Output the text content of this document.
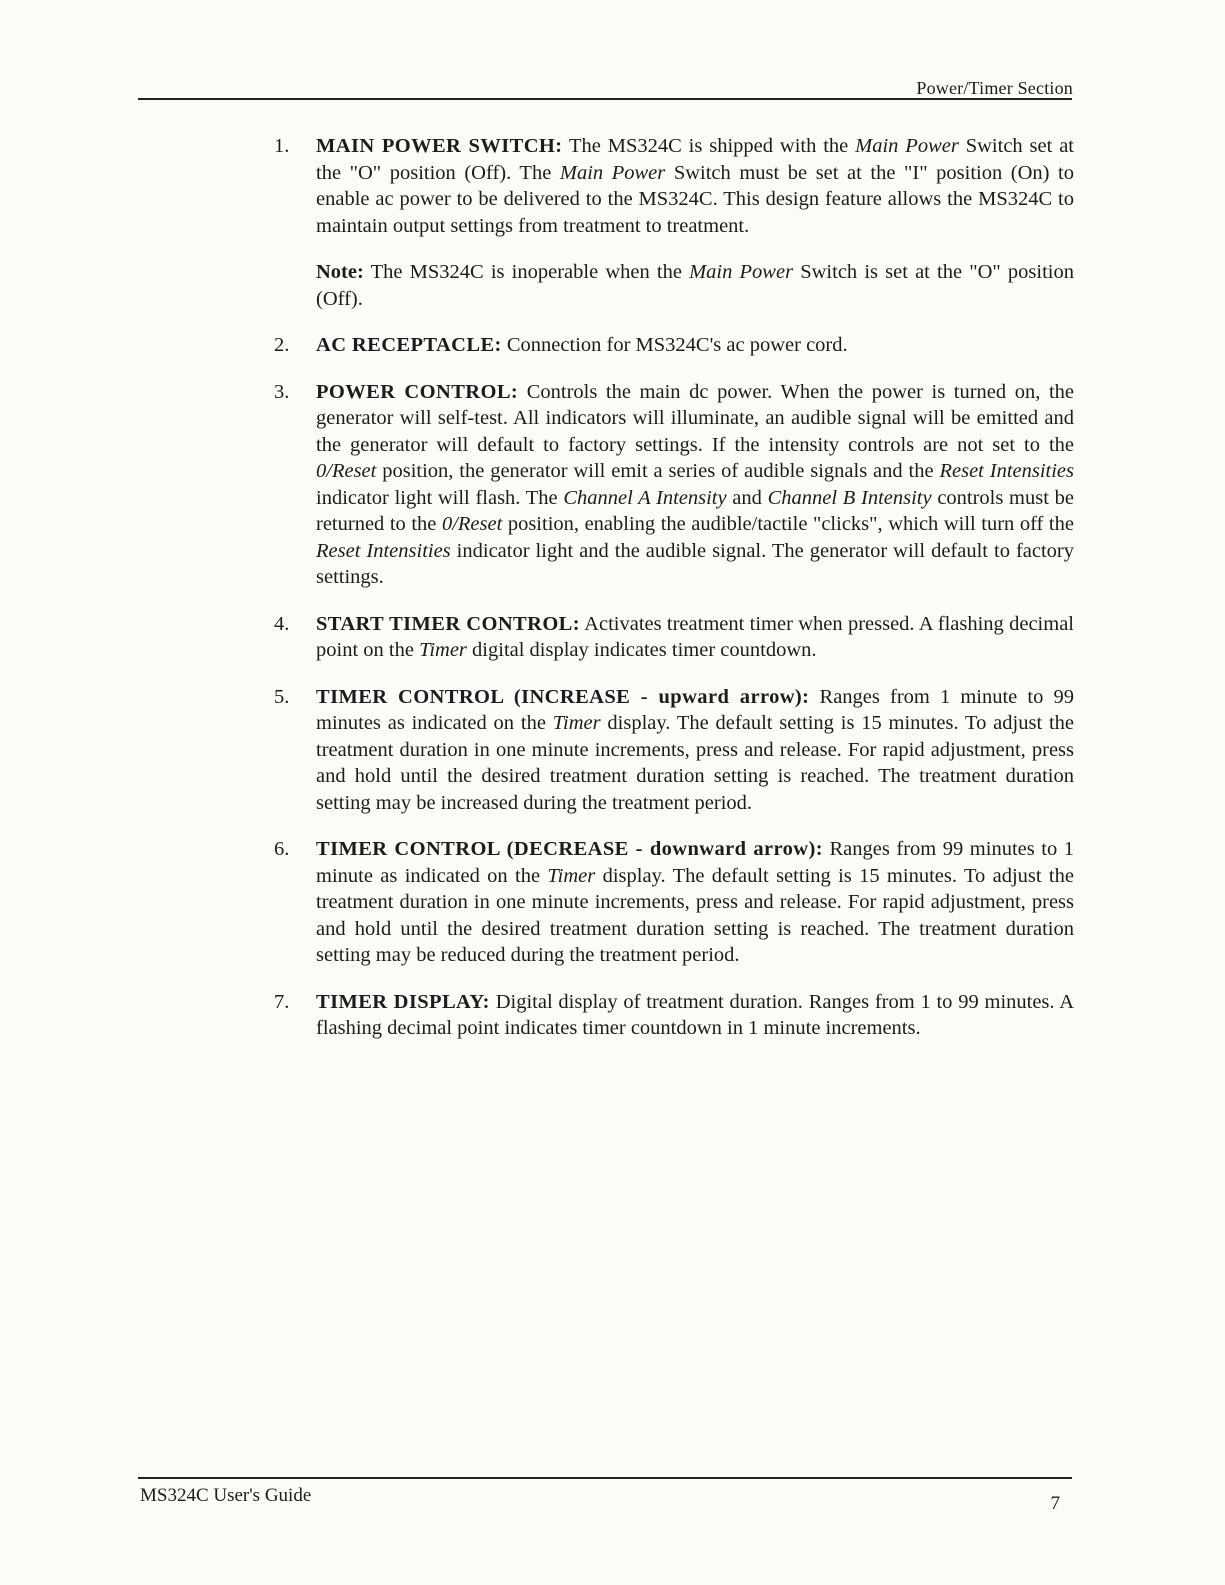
Power/Timer Section
1. MAIN POWER SWITCH: The MS324C is shipped with the Main Power Switch set at the "O" position (Off). The Main Power Switch must be set at the "I" position (On) to enable ac power to be delivered to the MS324C. This design feature allows the MS324C to maintain output settings from treatment to treatment.
Note: The MS324C is inoperable when the Main Power Switch is set at the "O" position (Off).
2. AC RECEPTACLE: Connection for MS324C's ac power cord.
3. POWER CONTROL: Controls the main dc power. When the power is turned on, the generator will self-test. All indicators will illuminate, an audible signal will be emitted and the generator will default to factory settings. If the intensity controls are not set to the 0/Reset position, the generator will emit a series of audible signals and the Reset Intensities indicator light will flash. The Channel A Intensity and Channel B Intensity controls must be returned to the 0/Reset position, enabling the audible/tactile "clicks", which will turn off the Reset Intensities indicator light and the audible signal. The generator will default to factory settings.
4. START TIMER CONTROL: Activates treatment timer when pressed. A flashing decimal point on the Timer digital display indicates timer countdown.
5. TIMER CONTROL (INCREASE - upward arrow): Ranges from 1 minute to 99 minutes as indicated on the Timer display. The default setting is 15 minutes. To adjust the treatment duration in one minute increments, press and release. For rapid adjustment, press and hold until the desired treatment duration setting is reached. The treatment duration setting may be increased during the treatment period.
6. TIMER CONTROL (DECREASE - downward arrow): Ranges from 99 minutes to 1 minute as indicated on the Timer display. The default setting is 15 minutes. To adjust the treatment duration in one minute increments, press and release. For rapid adjustment, press and hold until the desired treatment duration setting is reached. The treatment duration setting may be reduced during the treatment period.
7. TIMER DISPLAY: Digital display of treatment duration. Ranges from 1 to 99 minutes. A flashing decimal point indicates timer countdown in 1 minute increments.
MS324C User's Guide	7
